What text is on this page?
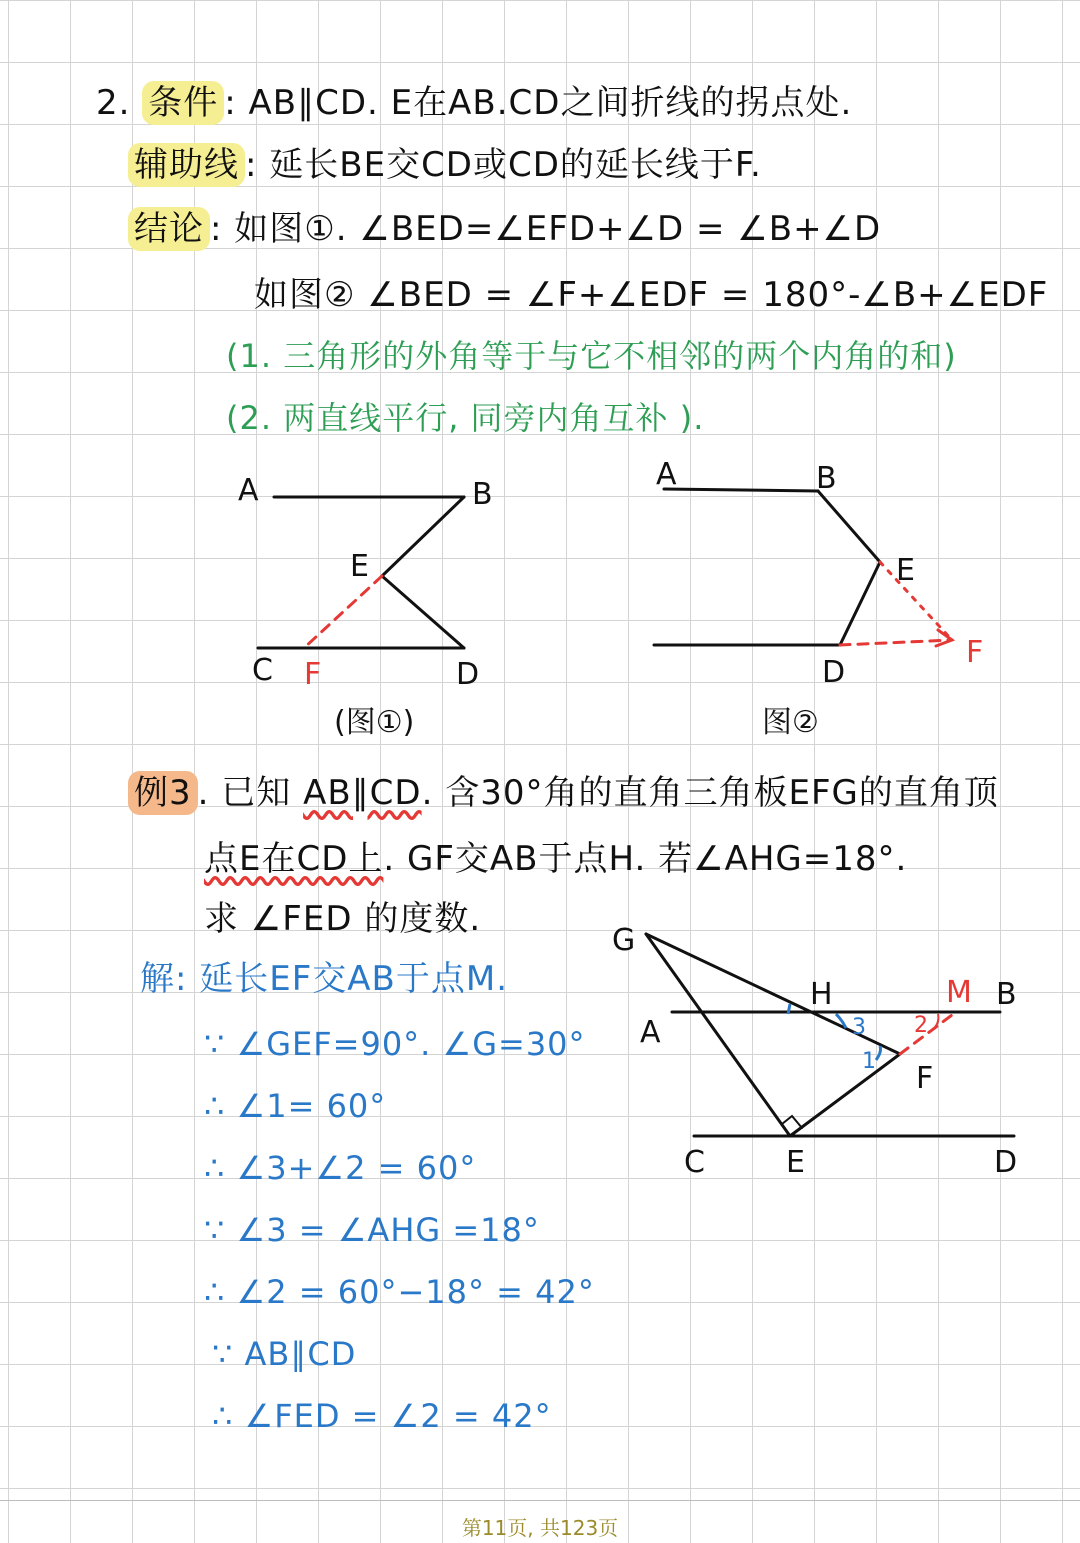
2. 条件 : AB∥CD. E在AB.CD之间折线的拐点处.
辅助线 : 延长BE交CD或CD的延长线于F.
结论 : 如图①. ∠BED=∠EFD+∠D = ∠B+∠D
如图② ∠BED = ∠F+∠EDF = 180°-∠B+∠EDF
(1. 三角形的外角等于与它不相邻的两个内角的和)
(2. 两直线平行, 同旁内角互补 ).
A	B
E
C F	D
(图①)
A	B
E
D
F
图②
例3 . 已知 AB∥CD. 含30°角的直角三角板EFG的直角顶
点E在CD上. GF交AB于点H. 若∠AHG=18°.
求 ∠FED 的度数.
解: 延长EF交AB于点M.
∵ ∠GEF=90°. ∠G=30°
∴ ∠1= 60°
∴ ∠3+∠2 = 60°
∵ ∠3 = ∠AHG =18°
∴ ∠2 = 60°−18° = 42°
∵ AB∥CD
∴ ∠FED = ∠2 = 42°
G
H	M B
A
F
C	E	D
1
2
3
第11页, 共123页
